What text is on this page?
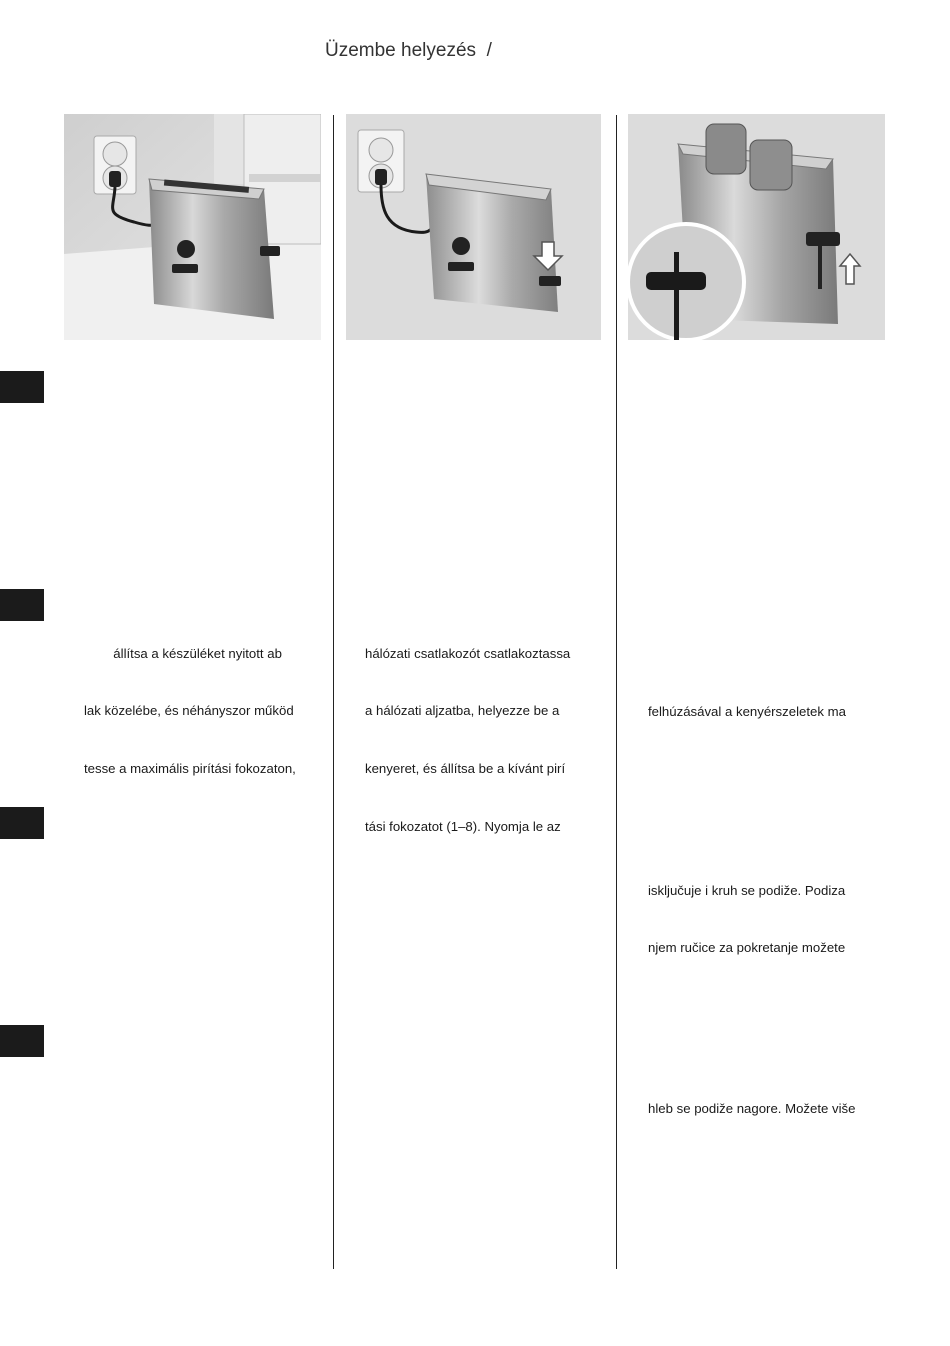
Üzembe helyezés  /

állítsa a készüléket nyitott ab

lak közelébe, és néhányszor működ

tesse a maximális pirítási fokozaton,

hálózati csatlakozót csatlakoztassa

a hálózati aljzatba, helyezze be a

kenyeret, és állítsa be a kívánt pirí

tási fokozatot (1–8). Nyomja le az

felhúzásával a kenyérszeletek ma

isključuje i kruh se podiže. Podiza

njem ručice za pokretanje možete

hleb se podiže nagore. Možete više
